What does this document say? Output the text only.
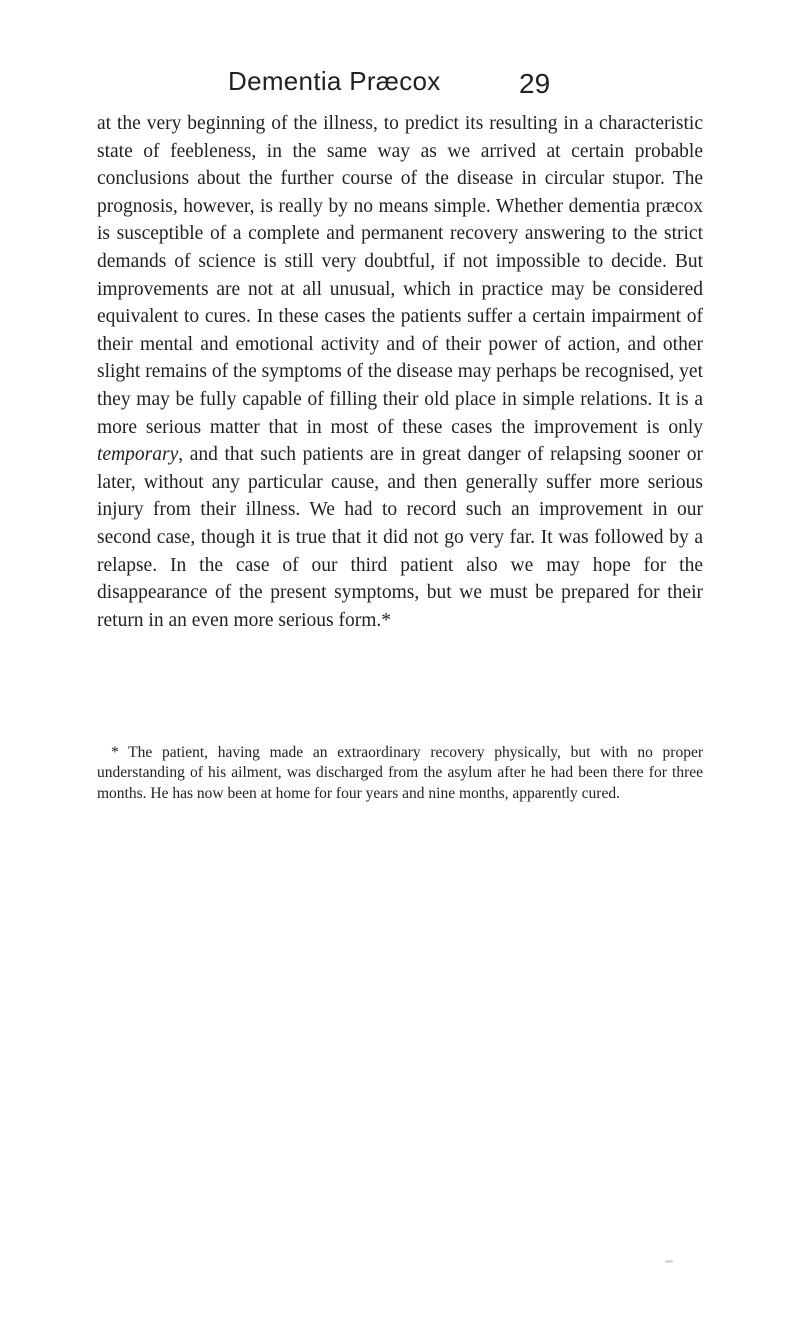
Dementia Præcox	29

at the very beginning of the illness, to predict its resulting in a characteristic state of feebleness, in the same way as we arrived at certain probable conclusions about the further course of the disease in circular stupor. The prognosis, however, is really by no means simple. Whether dementia præcox is susceptible of a complete and permanent recovery answering to the strict demands of science is still very doubtful, if not impossible to decide. But improvements are not at all unusual, which in practice may be considered equivalent to cures. In these cases the patients suffer a certain impairment of their mental and emotional activity and of their power of action, and other slight remains of the symptoms of the disease may perhaps be recognised, yet they may be fully capable of filling their old place in simple relations. It is a more serious matter that in most of these cases the improvement is only temporary, and that such patients are in great danger of relapsing sooner or later, without any particular cause, and then generally suffer more serious injury from their illness. We had to record such an improvement in our second case, though it is true that it did not go very far. It was followed by a relapse. In the case of our third patient also we may hope for the disappearance of the present symptoms, but we must be prepared for their return in an even more serious form.*

* The patient, having made an extraordinary recovery physically, but with no proper understanding of his ailment, was discharged from the asylum after he had been there for three months. He has now been at home for four years and nine months, apparently cured.
